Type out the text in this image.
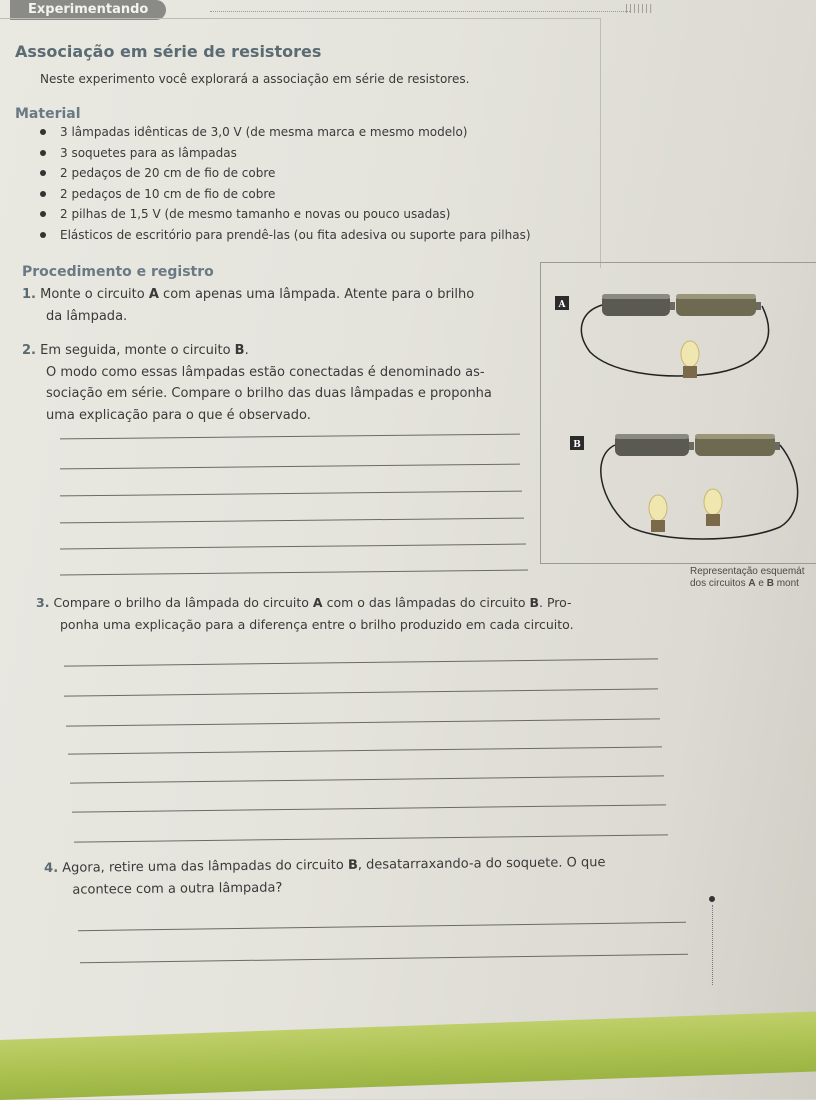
Experimentando	|||||||
Associação em série de resistores
Neste experimento você explorará a associação em série de resistores.
Material
3 lâmpadas idênticas de 3,0 V (de mesma marca e mesmo modelo)
3 soquetes para as lâmpadas
2 pedaços de 20 cm de fio de cobre
2 pedaços de 10 cm de fio de cobre
2 pilhas de 1,5 V (de mesmo tamanho e novas ou pouco usadas)
Elásticos de escritório para prendê-las (ou fita adesiva ou suporte para pilhas)
Procedimento e registro
1. Monte o circuito A com apenas uma lâmpada. Atente para o brilho
da lâmpada.
2. Em seguida, monte o circuito B.
O modo como essas lâmpadas estão conectadas é denominado as-
sociação em série. Compare o brilho das duas lâmpadas e proponha
uma explicação para o que é observado.
A
B
Representação esquemát
dos circuitos A e B mont
3. Compare o brilho da lâmpada do circuito A com o das lâmpadas do circuito B. Pro-
ponha uma explicação para a diferença entre o brilho produzido em cada circuito.
4. Agora, retire uma das lâmpadas do circuito B, desatarraxando-a do soquete. O que
acontece com a outra lâmpada?
